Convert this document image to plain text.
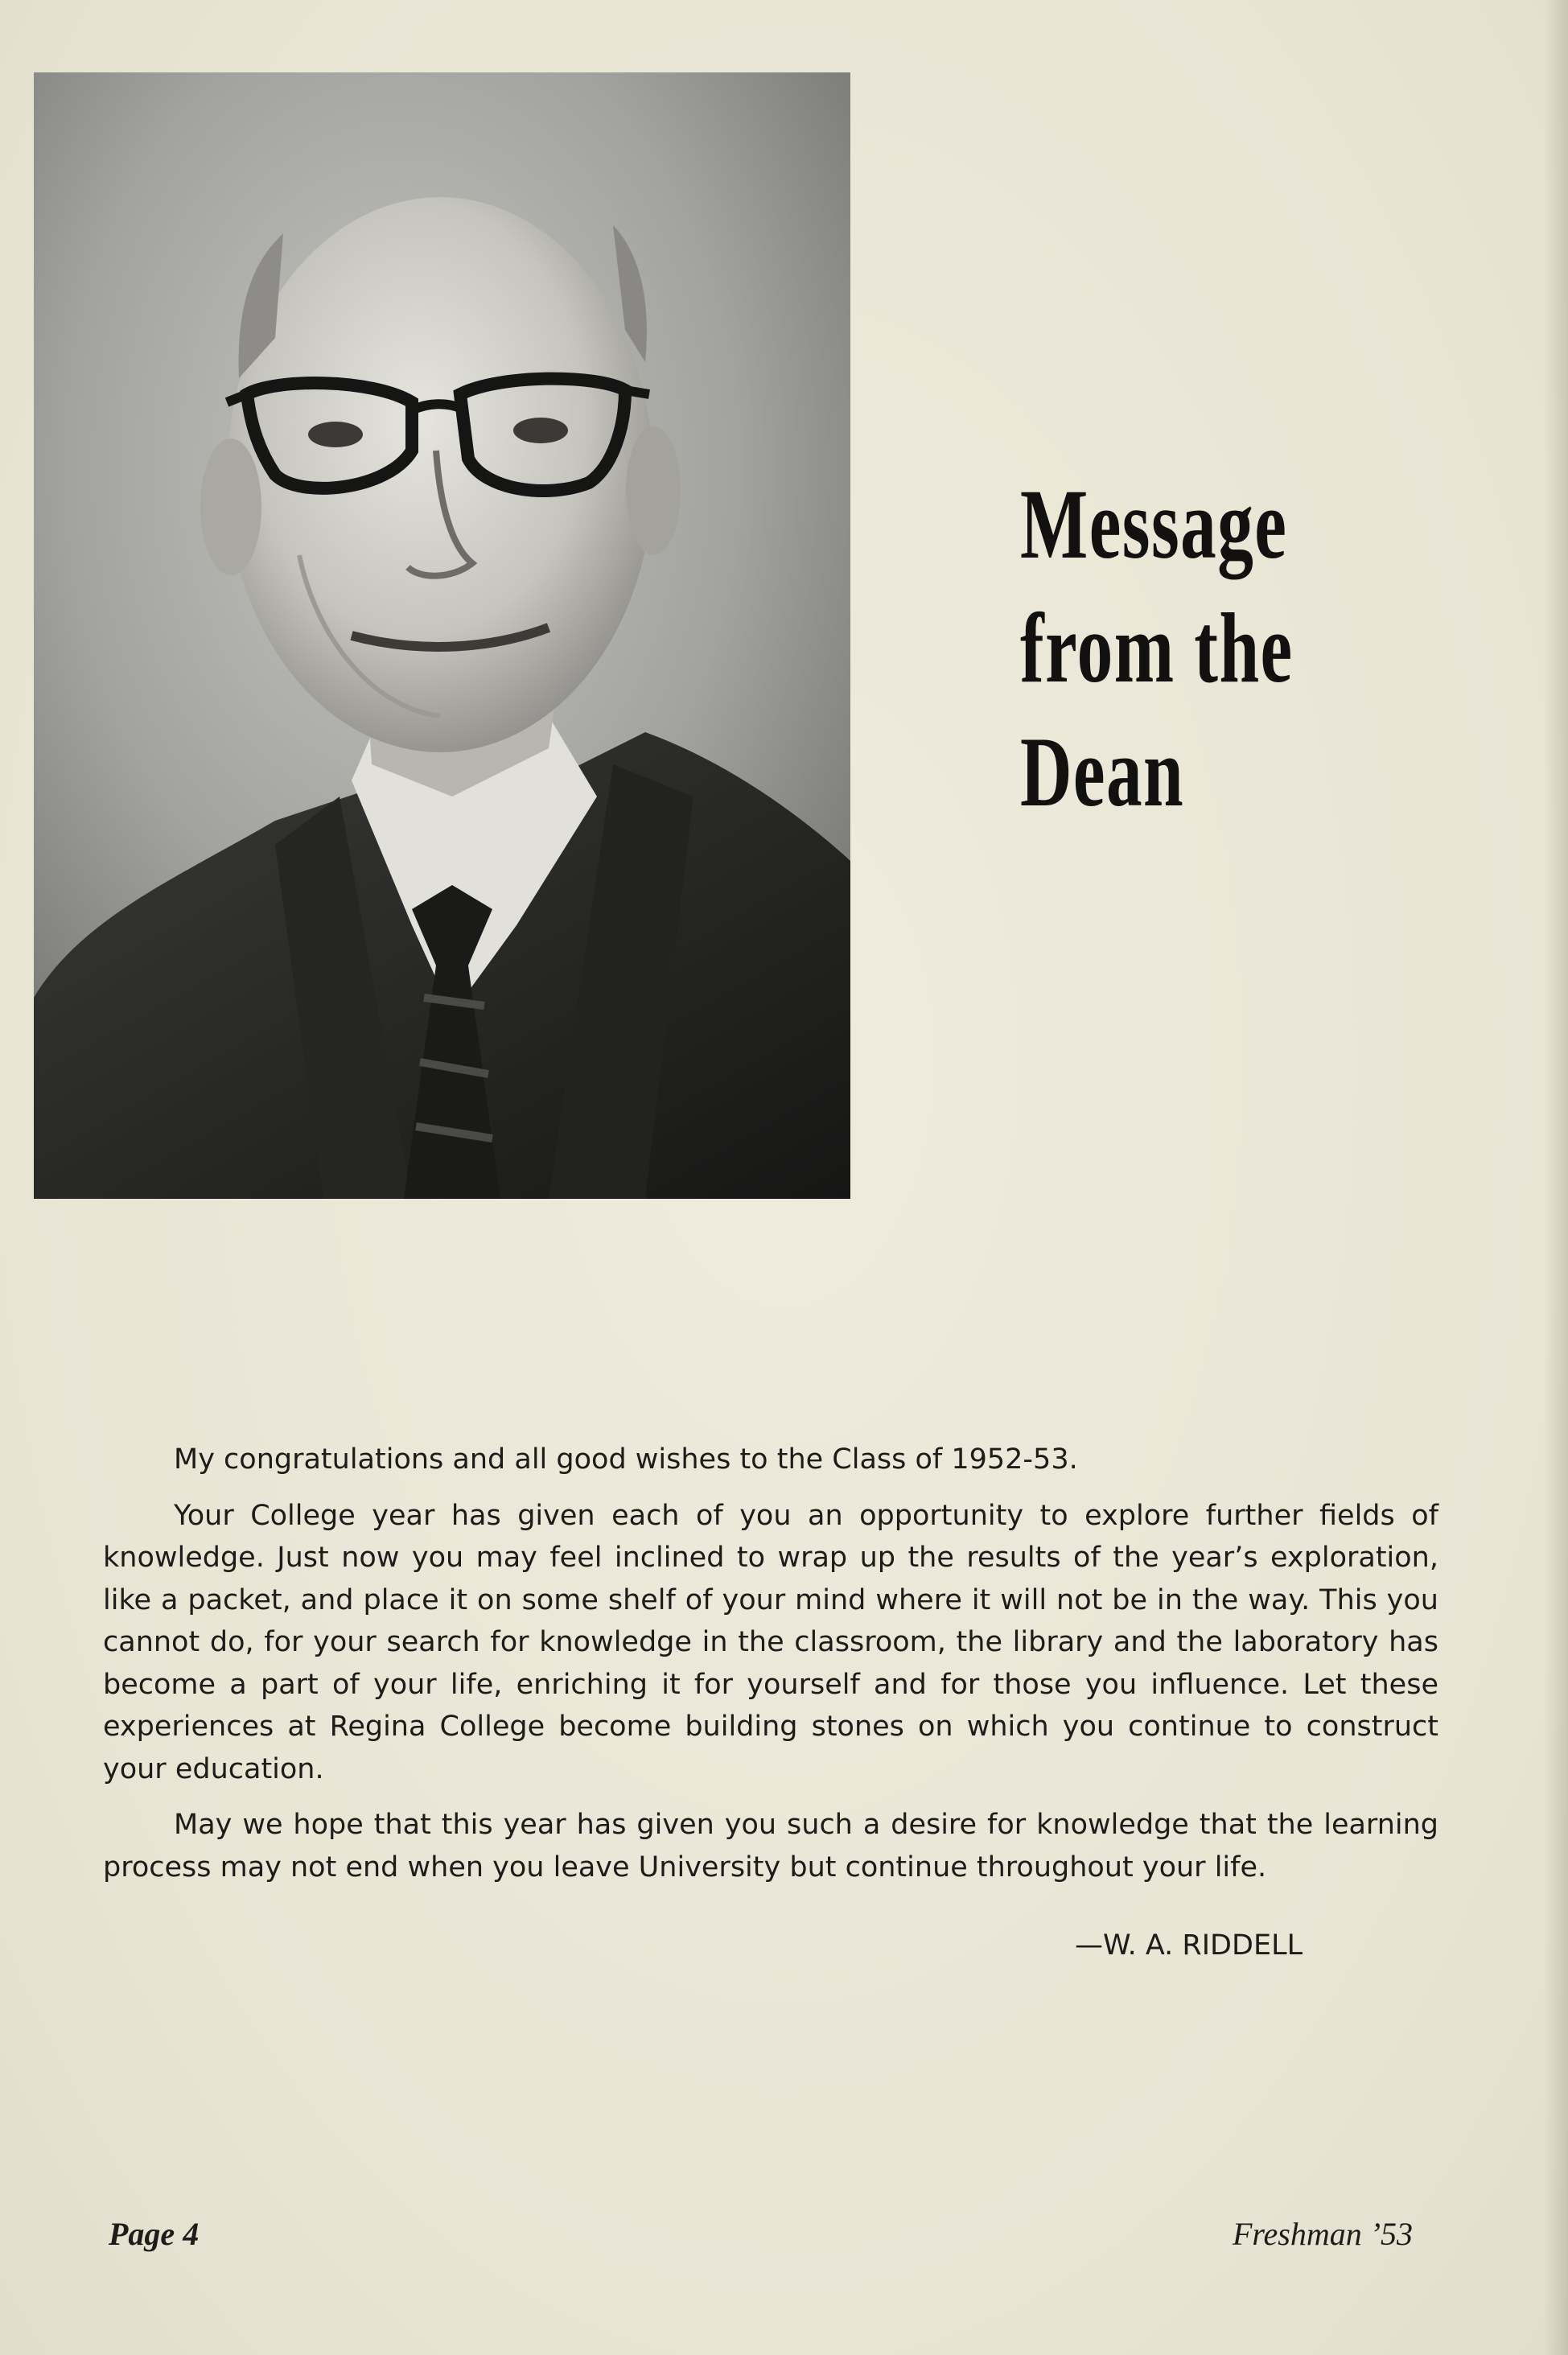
Message
from the
Dean

My congratulations and all good wishes to the Class of 1952-53.

Your College year has given each of you an opportunity to explore further fields of knowledge. Just now you may feel inclined to wrap up the results of the year’s exploration, like a packet, and place it on some shelf of your mind where it will not be in the way. This you cannot do, for your search for knowledge in the classroom, the library and the laboratory has become a part of your life, enriching it for yourself and for those you influence. Let these experiences at Regina College become building stones on which you continue to construct your education.

May we hope that this year has given you such a desire for knowledge that the learning process may not end when you leave University but continue throughout your life.

—W. A. RIDDELL
Page 4	Freshman ’53
